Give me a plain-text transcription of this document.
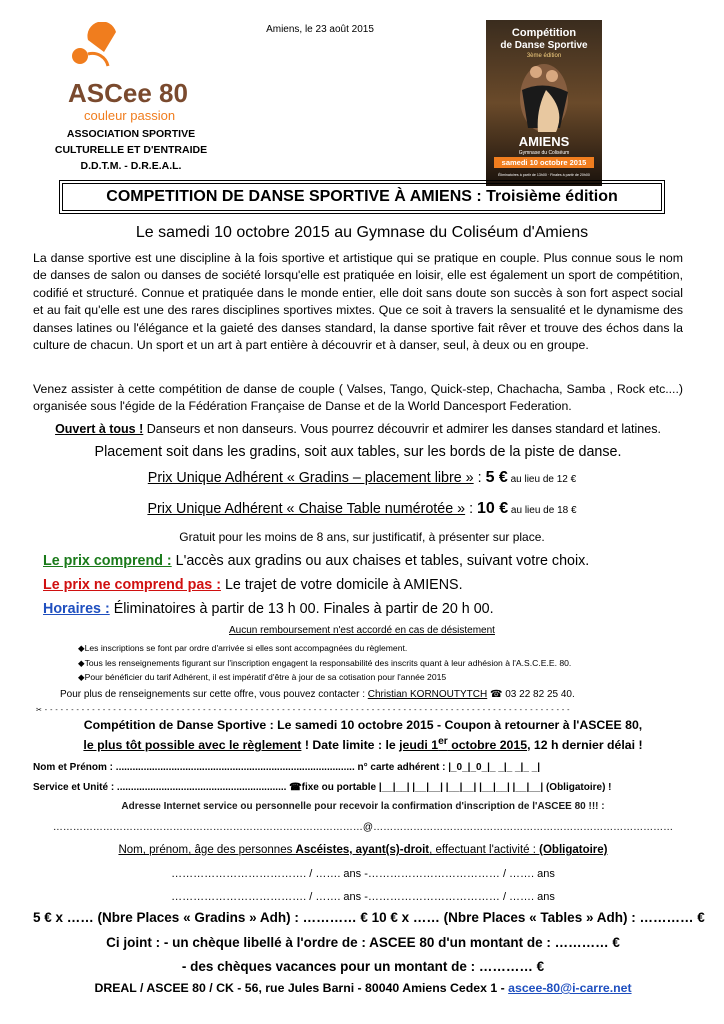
ASCee 80
couleur passion
ASSOCIATION SPORTIVE
CULTURELLE ET D'ENTRAIDE
D.D.T.M. - D.R.E.A.L.
Amiens, le 23 août 2015	Compétition
de Danse Sportive
3ème édition
AMIENS
Gymnase du Coliséum
samedi 10 octobre 2015
Éliminatoires à partir de 13h00 · Finales à partir de 20h00
COMPETITION DE DANSE SPORTIVE À AMIENS : Troisième édition
Le samedi 10 octobre 2015 au Gymnase du Coliséum d'Amiens
La danse sportive est une discipline à la fois sportive et artistique qui se pratique en couple. Plus connue sous le nom de danses de salon ou danses de société lorsqu'elle est pratiquée en loisir, elle est également un sport de compétition, codifié et structuré. Connue et pratiquée dans le monde entier, elle doit sans doute son succès à son fort aspect social et au fait qu'elle est une des rares disciplines sportives mixtes. Que ce soit à travers la sensualité et le dynamisme des danses latines ou l'élégance et la gaieté des danses standard, la danse sportive fait rêver et trouve des échos dans la culture de chacun. Un sport et un art à part entière à découvrir et à danser, seul, à deux ou en groupe.
Venez assister à cette compétition de danse de couple ( Valses, Tango, Quick-step, Chachacha, Samba , Rock etc....) organisée sous l'égide de la Fédération Française de Danse et de la World Dancesport Federation.
Ouvert à tous ! Danseurs et non danseurs. Vous pourrez découvrir et admirer les danses standard et latines.
Placement soit dans les gradins, soit aux tables, sur les bords de la piste de danse.
Prix Unique Adhérent « Gradins – placement libre » : 5 € au lieu de 12 €
Prix Unique Adhérent « Chaise Table numérotée » : 10 € au lieu de 18 €
Gratuit pour les moins de 8 ans, sur justificatif, à présenter sur place.
Le prix comprend : L'accès aux gradins ou aux chaises et tables, suivant votre choix.
Le prix ne comprend pas : Le trajet de votre domicile à AMIENS.
Horaires : Éliminatoires à partir de 13 h 00. Finales à partir de 20 h 00.
Aucun remboursement n'est accordé en cas de désistement
◆Les inscriptions se font par ordre d'arrivée si elles sont accompagnées du règlement.
◆Tous les renseignements figurant sur l'inscription engagent la responsabilité des inscrits quant à leur adhésion à l'A.S.C.E.E. 80.
◆Pour bénéficier du tarif Adhérent, il est impératif d'être à jour de sa cotisation pour l'année 2015
Pour plus de renseignements sur cette offre, vous pouvez contacter : Christian KORNOUTYTCH ☎ 03 22 82 25 40.
✂ - - - - - - - - - - - - - - - - - - - - - - - - - - - - - - - - - - - - - - - - - - - - - - - - - - - - - - - - - - - - - - - - - - - - - - - - - - - - - - - - - - - - - - - - - - - - - - - - - - - -
Compétition de Danse Sportive : Le samedi 10 octobre 2015 - Coupon à retourner à l'ASCEE 80,
le plus tôt possible avec le règlement ! Date limite : le jeudi 1er octobre 2015, 12 h dernier délai !
Nom et Prénom : ...................................................................................... n° carte adhérent : |_0_|_0_|_ _|_ _|_ _|
Service et Unité : ............................................................. ☎fixe ou portable |__|__| |__|__| |__|__| |__|__| |__|__| (Obligatoire) !
Adresse Internet service ou personnelle pour recevoir la confirmation d'inscription de l'ASCEE 80 !!! :
…………………………………………………………………………………@………………………………………………………………………………
Nom, prénom, âge des personnes Ascéistes, ayant(s)-droit, effectuant l'activité : (Obligatoire)
………………………………. / ……. ans -……………………………… / ……. ans
………………………………. / ……. ans -……………………………… / ……. ans
5 € x …… (Nbre Places « Gradins » Adh) : ………… € 10 € x …… (Nbre Places « Tables » Adh) : ………… €
Ci joint : - un chèque libellé à l'ordre de : ASCEE 80 d'un montant de : ………… €
- des chèques vacances pour un montant de : ………… €
DREAL / ASCEE 80 / CK - 56, rue Jules Barni - 80040 Amiens Cedex 1 - ascee-80@i-carre.net
